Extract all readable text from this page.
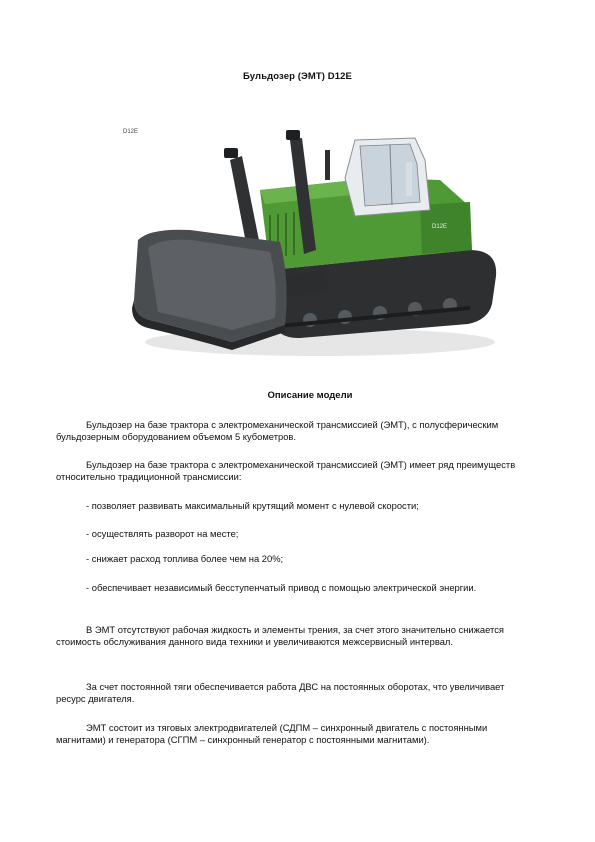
Бульдозер (ЭМТ) D12E
D12E
D12E
Описание модели
Бульдозер на базе трактора с электромеханической трансмиссией (ЭМТ), с полусферическим бульдозерным оборудованием объемом 5 кубометров.
Бульдозер на базе трактора с электромеханической трансмиссией (ЭМТ) имеет ряд преимуществ относительно традиционной трансмиссии:
- позволяет развивать максимальный крутящий момент с нулевой скорости;
- осуществлять разворот на месте;
- снижает расход топлива более чем на 20%;
- обеспечивает независимый бесступенчатый привод с помощью электрической энергии.
В ЭМТ отсутствуют рабочая жидкость и элементы трения, за счет этого значительно снижается стоимость обслуживания данного вида техники и увеличиваются межсервисный интервал.
За счет постоянной тяги обеспечивается работа ДВС на постоянных оборотах, что увеличивает ресурс двигателя.
ЭМТ состоит из тяговых электродвигателей (СДПМ – синхронный двигатель с постоянными магнитами) и генератора (СГПМ – синхронный генератор с постоянными магнитами).
